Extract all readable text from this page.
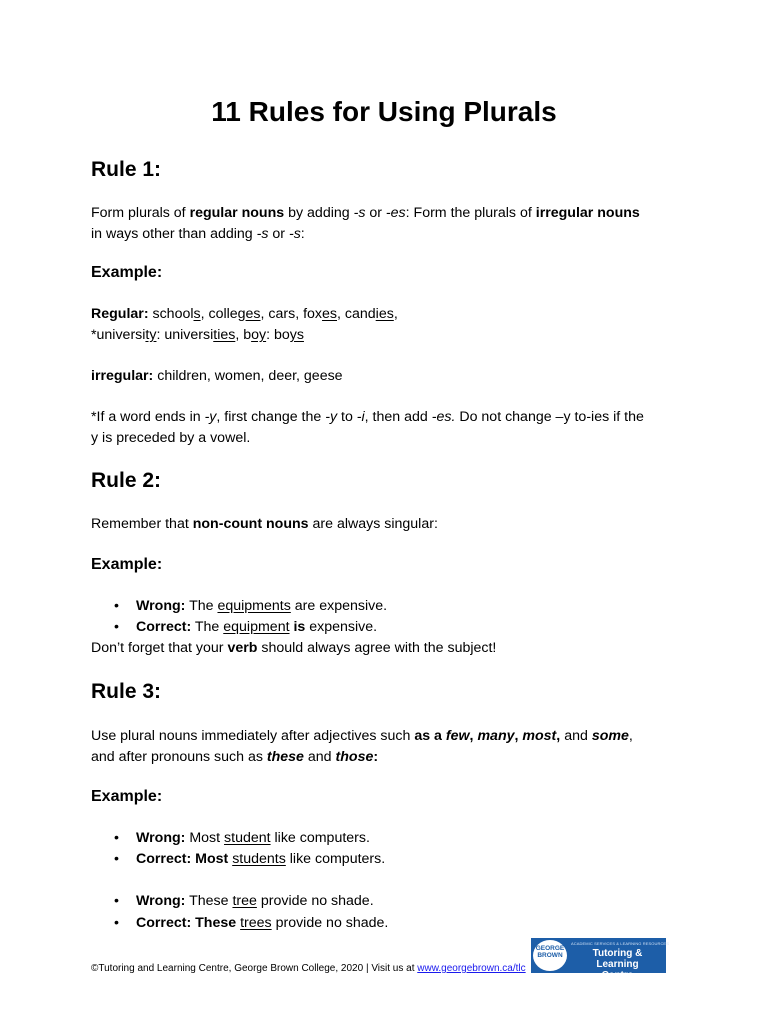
11 Rules for Using Plurals
Rule 1:
Form plurals of regular nouns by adding -s or -es: Form the plurals of irregular nouns
in ways other than adding -s or -s:
Example:
Regular: schools, colleges, cars, foxes, candies,
*university: universities, boy: boys
irregular: children, women, deer, geese
*If a word ends in -y, first change the -y to -i, then add -es. Do not change –y to-ies if the
y is preceded by a vowel.
Rule 2:
Remember that non-count nouns are always singular:
Example:
• Wrong: The equipments are expensive.
• Correct: The equipment is expensive.
Don’t forget that your verb should always agree with the subject!
Rule 3:
Use plural nouns immediately after adjectives such as a few, many, most, and some,
and after pronouns such as these and those:
Example:
• Wrong: Most student like computers.
• Correct: Most students like computers.
• Wrong: These tree provide no shade.
• Correct: These trees provide no shade.
©Tutoring and Learning Centre, George Brown College, 2020 | Visit us at www.georgebrown.ca/tlc
GEORGE BROWN
ACADEMIC SERVICES & LEARNING RESOURCES
Tutoring & Learning
Centre
